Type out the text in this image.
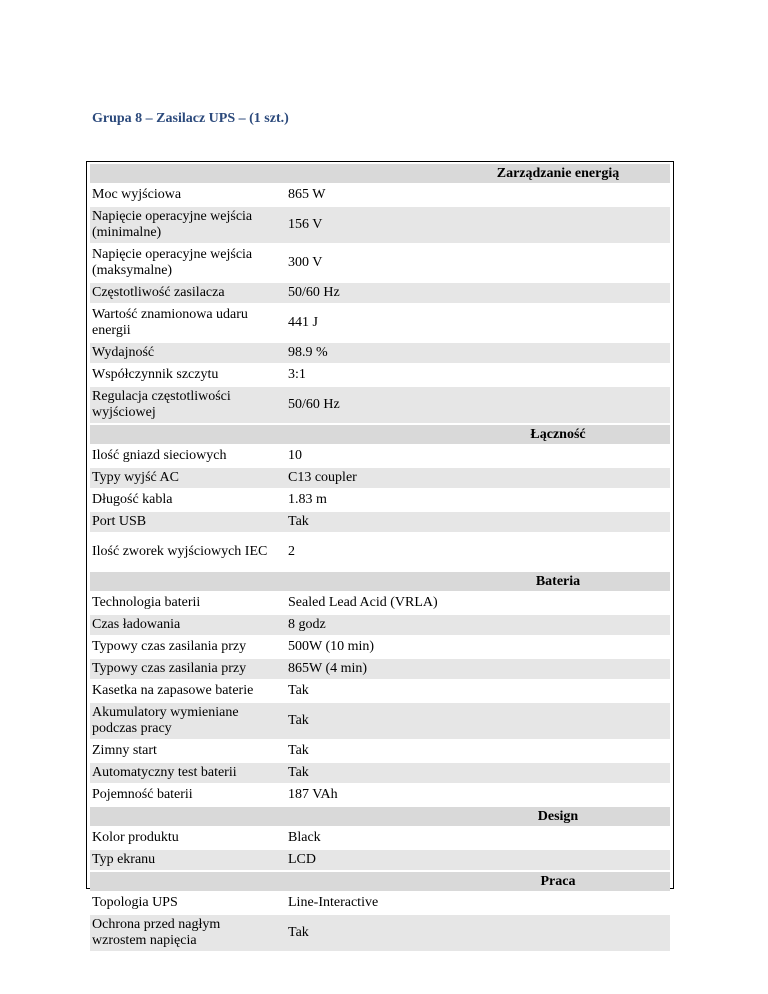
Grupa 8 – Zasilacz UPS – (1 szt.)

Zarządzanie energią	
Moc wyjściowa	865 W
Napięcie operacyjne wejścia (minimalne)	156 V
Napięcie operacyjne wejścia (maksymalne)	300 V
Częstotliwość zasilacza	50/60 Hz
Wartość znamionowa udaru energii	441 J
Wydajność	98.9 %
Współczynnik szczytu	3:1
Regulacja częstotliwości wyjściowej	50/60 Hz
Łączność	
Ilość gniazd sieciowych	10
Typy wyjść AC	C13 coupler
Długość kabla	1.83 m
Port USB	Tak
Ilość zworek wyjściowych IEC	2
Bateria	
Technologia baterii	Sealed Lead Acid (VRLA)
Czas ładowania	8 godz
Typowy czas zasilania przy	500W (10 min)
Typowy czas zasilania przy	865W (4 min)
Kasetka na zapasowe baterie	Tak
Akumulatory wymieniane podczas pracy	Tak
Zimny start	Tak
Automatyczny test baterii	Tak
Pojemność baterii	187 VAh
Design	
Kolor produktu	Black
Typ ekranu	LCD
Praca	
Topologia UPS	Line-Interactive
Ochrona przed nagłym wzrostem napięcia	Tak
